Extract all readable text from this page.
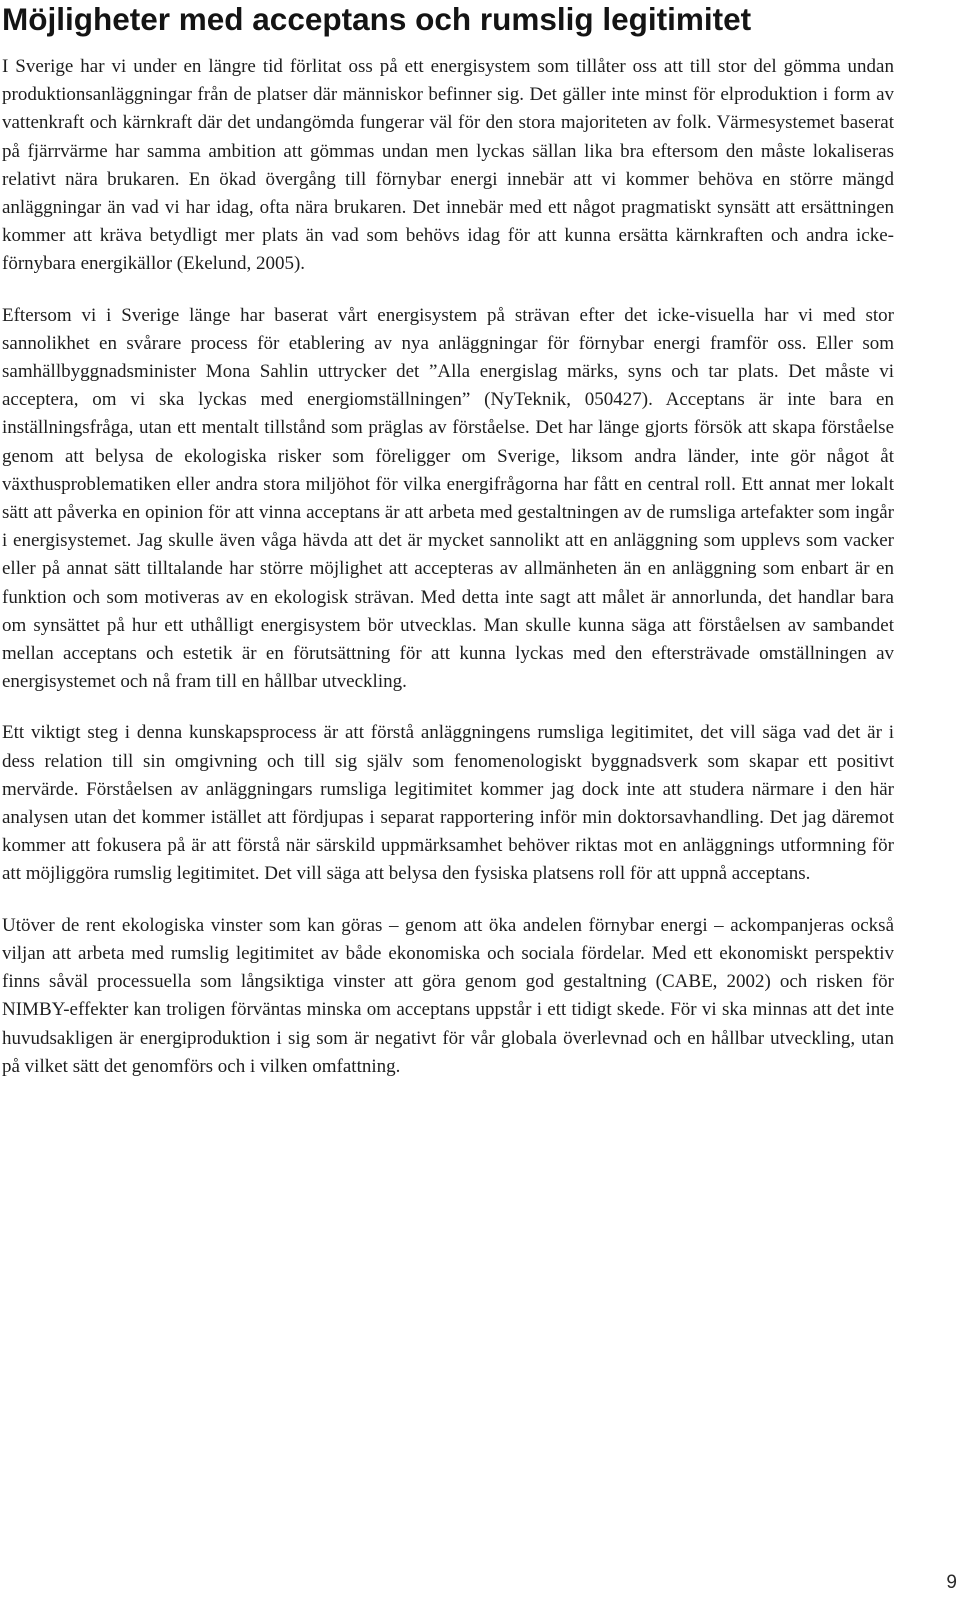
Möjligheter med acceptans och rumslig legitimitet

I Sverige har vi under en längre tid förlitat oss på ett energisystem som tillåter oss att till stor del gömma undan produktionsanläggningar från de platser där människor befinner sig. Det gäller inte minst för elproduktion i form av vattenkraft och kärnkraft där det undangömda fungerar väl för den stora majoriteten av folk. Värmesystemet baserat på fjärrvärme har samma ambition att gömmas undan men lyckas sällan lika bra eftersom den måste lokaliseras relativt nära brukaren. En ökad övergång till förnybar energi innebär att vi kommer behöva en större mängd anläggningar än vad vi har idag, ofta nära brukaren. Det innebär med ett något pragmatiskt synsätt att ersättningen kommer att kräva betydligt mer plats än vad som behövs idag för att kunna ersätta kärnkraften och andra icke-förnybara energikällor (Ekelund, 2005).

Eftersom vi i Sverige länge har baserat vårt energisystem på strävan efter det icke-visuella har vi med stor sannolikhet en svårare process för etablering av nya anläggningar för förnybar energi framför oss. Eller som samhällbyggnadsminister Mona Sahlin uttrycker det ”Alla energislag märks, syns och tar plats. Det måste vi acceptera, om vi ska lyckas med energiomställningen” (NyTeknik, 050427). Acceptans är inte bara en inställningsfråga, utan ett mentalt tillstånd som präglas av förståelse. Det har länge gjorts försök att skapa förståelse genom att belysa de ekologiska risker som föreligger om Sverige, liksom andra länder, inte gör något åt växthusproblematiken eller andra stora miljöhot för vilka energifrågorna har fått en central roll. Ett annat mer lokalt sätt att påverka en opinion för att vinna acceptans är att arbeta med gestaltningen av de rumsliga artefakter som ingår i energisystemet. Jag skulle även våga hävda att det är mycket sannolikt att en anläggning som upplevs som vacker eller på annat sätt tilltalande har större möjlighet att accepteras av allmänheten än en anläggning som enbart är en funktion och som motiveras av en ekologisk strävan. Med detta inte sagt att målet är annorlunda, det handlar bara om synsättet på hur ett uthålligt energisystem bör utvecklas. Man skulle kunna säga att förståelsen av sambandet mellan acceptans och estetik är en förutsättning för att kunna lyckas med den eftersträvade omställningen av energisystemet och nå fram till en hållbar utveckling.

Ett viktigt steg i denna kunskapsprocess är att förstå anläggningens rumsliga legitimitet, det vill säga vad det är i dess relation till sin omgivning och till sig själv som fenomenologiskt byggnadsverk som skapar ett positivt mervärde. Förståelsen av anläggningars rumsliga legitimitet kommer jag dock inte att studera närmare i den här analysen utan det kommer istället att fördjupas i separat rapportering inför min doktorsavhandling. Det jag däremot kommer att fokusera på är att förstå när särskild uppmärksamhet behöver riktas mot en anläggnings utformning för att möjliggöra rumslig legitimitet. Det vill säga att belysa den fysiska platsens roll för att uppnå acceptans.

Utöver de rent ekologiska vinster som kan göras – genom att öka andelen förnybar energi – ackompanjeras också viljan att arbeta med rumslig legitimitet av både ekonomiska och sociala fördelar. Med ett ekonomiskt perspektiv finns såväl processuella som långsiktiga vinster att göra genom god gestaltning (CABE, 2002) och risken för NIMBY-effekter kan troligen förväntas minska om acceptans uppstår i ett tidigt skede. För vi ska minnas att det inte huvudsakligen är energiproduktion i sig som är negativt för vår globala överlevnad och en hållbar utveckling, utan på vilket sätt det genomförs och i vilken omfattning.

9
